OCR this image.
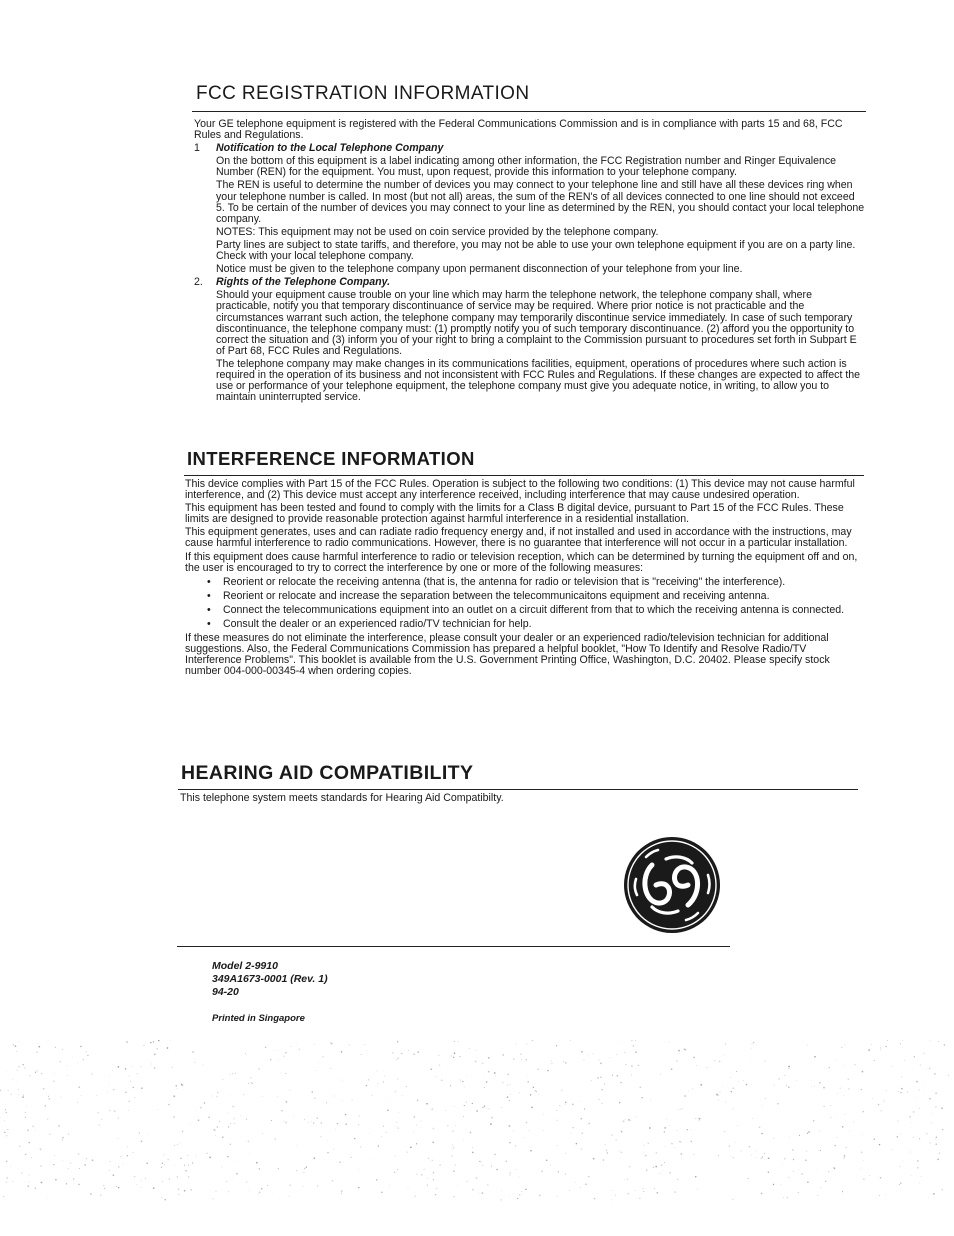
FCC REGISTRATION INFORMATION

Your GE telephone equipment is registered with the Federal Communications Commission and is in compliance with parts 15 and 68, FCC Rules and Regulations.

1 Notification to the Local Telephone Company

On the bottom of this equipment is a label indicating among other information, the FCC Registration number and Ringer Equivalence Number (REN) for the equipment. You must, upon request, provide this information to your telephone company.

The REN is useful to determine the number of devices you may connect to your telephone line and still have all these devices ring when your telephone number is called. In most (but not all) areas, the sum of the REN's of all devices connected to one line should not exceed 5. To be certain of the number of devices you may connect to your line as determined by the REN, you should contact your local telephone company.

NOTES: This equipment may not be used on coin service provided by the telephone company.

Party lines are subject to state tariffs, and therefore, you may not be able to use your own telephone equipment if you are on a party line. Check with your local telephone company.

Notice must be given to the telephone company upon permanent disconnection of your telephone from your line.

2. Rights of the Telephone Company.

Should your equipment cause trouble on your line which may harm the telephone network, the telephone company shall, where practicable, notify you that temporary discontinuance of service may be required. Where prior notice is not practicable and the circumstances warrant such action, the telephone company may temporarily discontinue service immediately. In case of such temporary discontinuance, the telephone company must: (1) promptly notify you of such temporary discontinuance. (2) afford you the opportunity to correct the situation and (3) inform you of your right to bring a complaint to the Commission pursuant to procedures set forth in Subpart E of Part 68, FCC Rules and Regulations.

The telephone company may make changes in its communications facilities, equipment, operations of procedures where such action is required in the operation of its business and not inconsistent with FCC Rules and Regulations. If these changes are expected to affect the use or performance of your telephone equipment, the telephone company must give you adequate notice, in writing, to allow you to maintain uninterrupted service.

INTERFERENCE INFORMATION

This device complies with Part 15 of the FCC Rules. Operation is subject to the following two conditions: (1) This device may not cause harmful interference, and (2) This device must accept any interference received, including interference that may cause undesired operation.

This equipment has been tested and found to comply with the limits for a Class B digital device, pursuant to Part 15 of the FCC Rules. These limits are designed to provide reasonable protection against harmful interference in a residential installation.

This equipment generates, uses and can radiate radio frequency energy and, if not installed and used in accordance with the instructions, may cause harmful interference to radio communications. However, there is no guarantee that interference will not occur in a particular installation.

If this equipment does cause harmful interference to radio or television reception, which can be determined by turning the equipment off and on, the user is encouraged to try to correct the interference by one or more of the following measures:

• Reorient or relocate the receiving antenna (that is, the antenna for radio or television that is "receiving" the interference).
• Reorient or relocate and increase the separation between the telecommunicaitons equipment and receiving antenna.
• Connect the telecommunications equipment into an outlet on a circuit different from that to which the receiving antenna is connected.
• Consult the dealer or an experienced radio/TV technician for help.

If these measures do not eliminate the interference, please consult your dealer or an experienced radio/television technician for additional suggestions. Also, the Federal Communications Commission has prepared a helpful booklet, "How To Identify and Resolve Radio/TV Interference Problems". This booklet is available from the U.S. Government Printing Office, Washington, D.C. 20402. Please specify stock number 004-000-00345-4 when ordering copies.

HEARING AID COMPATIBILITY
This telephone system meets standards for Hearing Aid Compatibilty.
Model 2-9910
349A1673-0001 (Rev. 1)
94-20
Printed in Singapore
